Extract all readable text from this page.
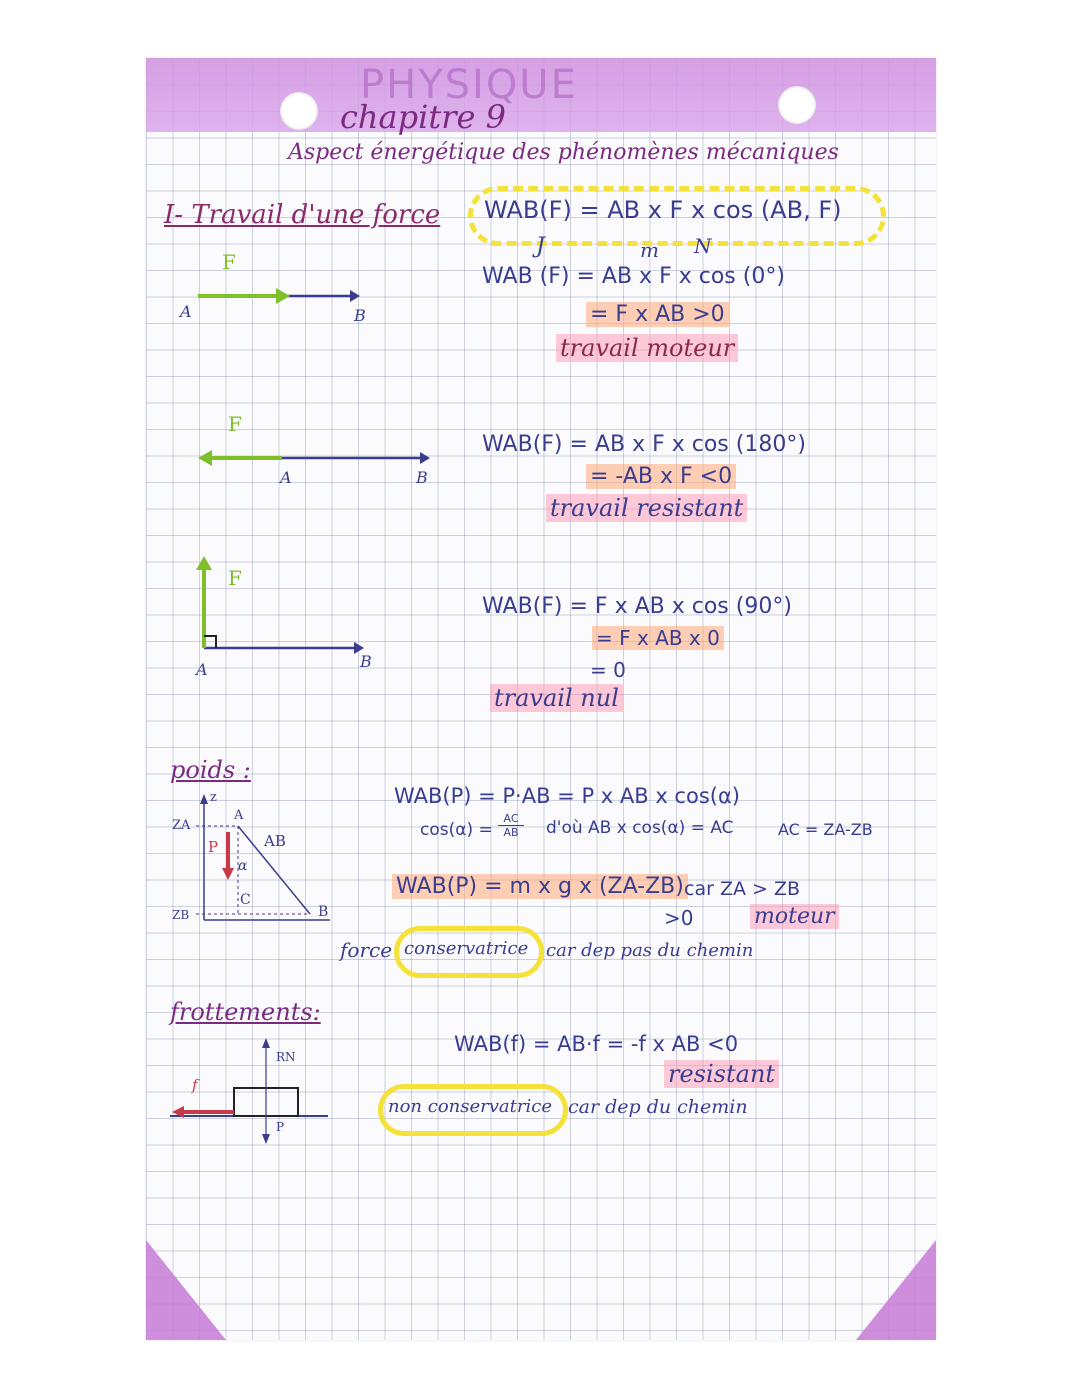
PHYSIQUE
chapitre 9
Aspect énergétique des phénomènes mécaniques
I- Travail d'une force WAB(F) = AB x F x cos (AB, F)
J	m N
F
A	B
WAB (F) = AB x F x cos (0°)
= F x AB >0
travail moteur
F
A	B
WAB(F) = AB x F x cos (180°)
= -AB x F <0
travail resistant
F
A	B
WAB(F) = F x AB x cos (90°)
= F x AB x 0
= 0
travail nul
poids :
z
ZA
ZB
A
B
C
P
α
AB
WAB(P) = P·AB = P x AB x cos(α)
$\cos(\alpha) = \frac{AC}{AB}$ d'où AB x cos(α) = AC	AC = ZA-ZB
WAB(P) = m x g x (ZA-ZB) car ZA > ZB
>0	moteur
force conservatrice car dep pas du chemin
frottements:
RN
P
f
WAB(f) = AB·f = -f x AB <0
resistant
non conservatrice car dep du chemin
